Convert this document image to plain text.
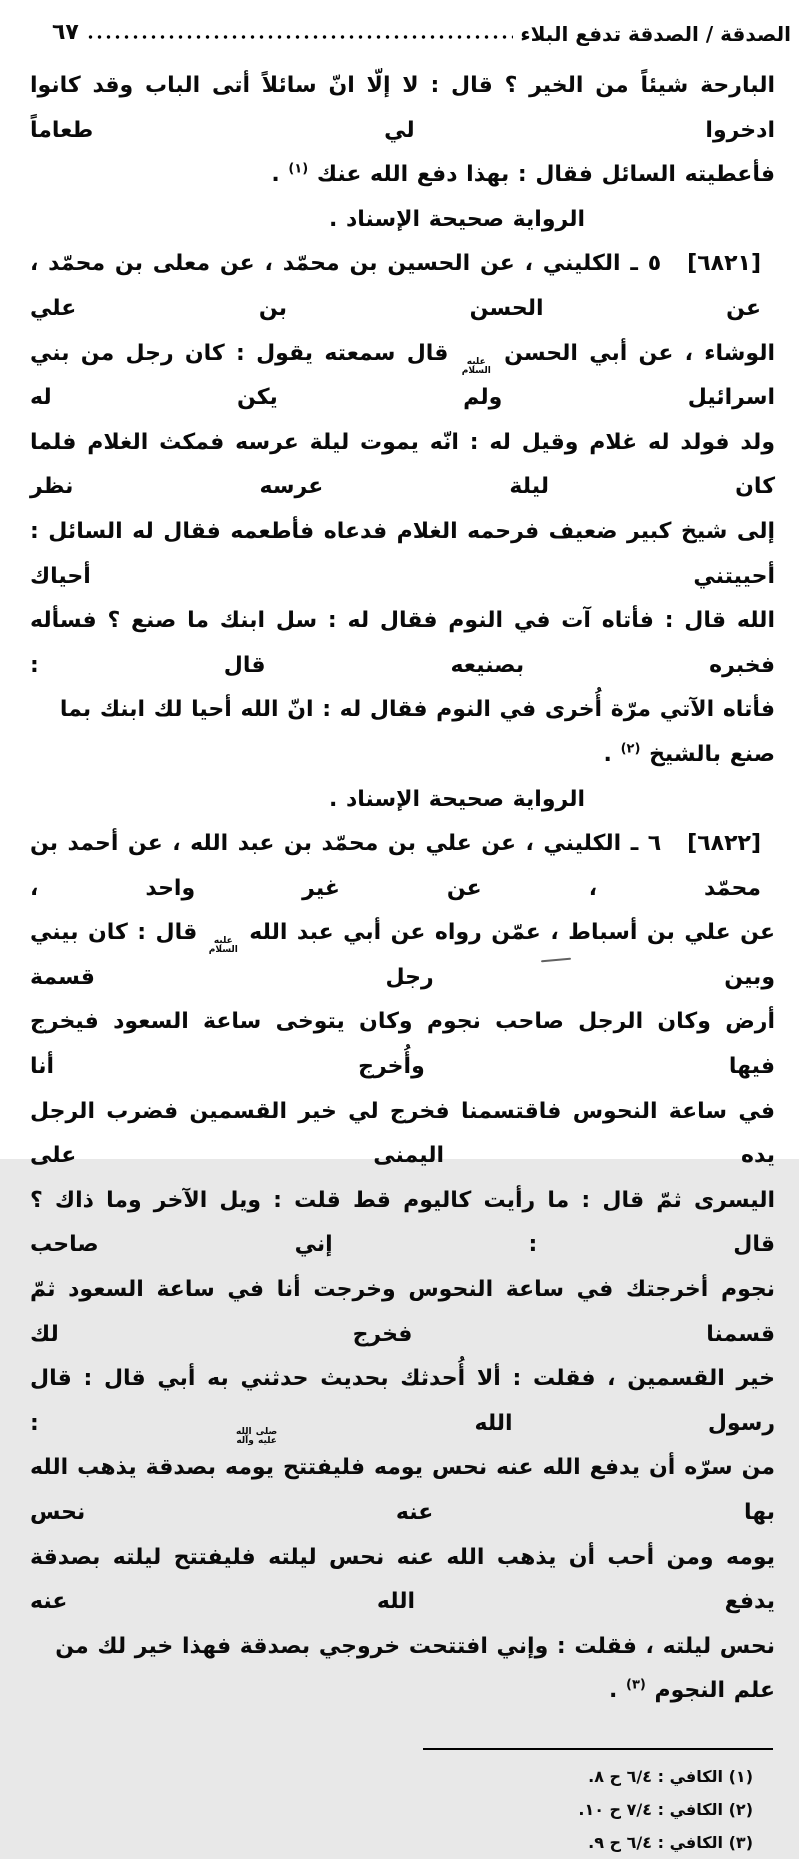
الصدقة / الصدقة تدفع البلاء
٦٧
البارحة شيئاً من الخير ؟ قال : لا إلّا انّ سائلاً أتى الباب وقد كانوا ادخروا لي طعاماً
فأعطيته السائل فقال : بهذا دفع الله عنك $^{(١)}$ .
الرواية صحيحة الإسناد .
[٦٨٢١]٥ ـ الكليني ، عن الحسين بن محمّد ، عن معلى بن محمّد ، عن الحسن بن علي
الوشاء ، عن أبي الحسن
عليه
السلام
قال سمعته يقول : كان رجل من بني اسرائيل ولم يكن له
ولد فولد له غلام وقيل له : انّه يموت ليلة عرسه فمكث الغلام فلما كان ليلة عرسه نظر
إلى شيخ كبير ضعيف فرحمه الغلام فدعاه فأطعمه فقال له السائل : أحييتني أحياك
الله قال : فأتاه آت في النوم فقال له : سل ابنك ما صنع ؟ فسأله فخبره بصنيعه قال :
فأتاه الآتي مرّة أُخرى في النوم فقال له : انّ الله أحيا لك ابنك بما صنع بالشيخ $^{(٢)}$ .
الرواية صحيحة الإسناد .
[٦٨٢٢]٦ ـ الكليني ، عن علي بن محمّد بن عبد الله ، عن أحمد بن محمّد ، عن غير واحد ،
عن علي بن أسباط ، عمّن رواه عن أبي عبد الله
عليه
السلام
قال : كان بيني وبين رجل قسمة
أرض وكان الرجل صاحب نجوم وكان يتوخى ساعة السعود فيخرج فيها وأُخرج أنا
في ساعة النحوس فاقتسمنا فخرج لي خير القسمين فضرب الرجل يده اليمنى على
اليسرى ثمّ قال : ما رأيت كاليوم قط قلت : ويل الآخر وما ذاك ؟ قال : إني صاحب
نجوم أخرجتك في ساعة النحوس وخرجت أنا في ساعة السعود ثمّ قسمنا فخرج لك
خير القسمين ، فقلت : ألا أُحدثك بحديث حدثني به أبي قال : قال رسول الله
صلى الله
عليه وآله
:
من سرّه أن يدفع الله عنه نحس يومه فليفتتح يومه بصدقة يذهب الله بها عنه نحس
يومه ومن أحب أن يذهب الله عنه نحس ليلته فليفتتح ليلته بصدقة يدفع الله عنه
نحس ليلته ، فقلت : وإني افتتحت خروجي بصدقة فهذا خير لك من علم النجوم $^{(٣)}$ .
(١) الكافي : ٦/٤ ح ٨.
(٢) الكافي : ٧/٤ ح ١٠.
(٣) الكافي : ٦/٤ ح ٩.
